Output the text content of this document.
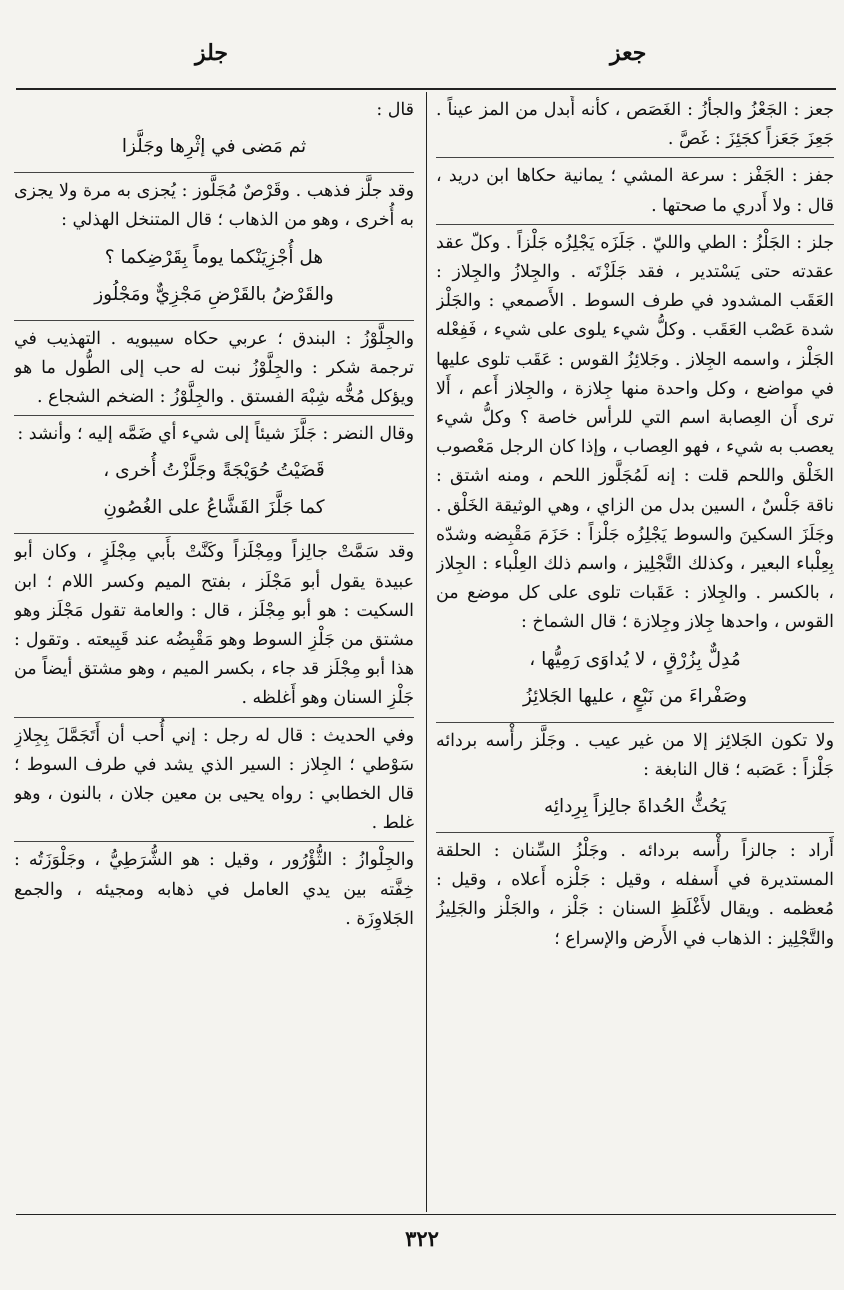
جلز	جعز

جعز : الجَعْزُ والجأْزُ : الغَصَص ، كأَنه أَبدل من المز عيناً . جَعِزَ جَعَزاً كجَئِزَ : غَصَّ .

جفز : الجَفْز : سرعة المشي ؛ يمانية حكاها ابن دريد ، قال : ولا أَدري ما صحتها .

جلز : الجَلْزُ : الطي والليّ . جَلَزَه يَجْلِزُه جَلْزاً . وكلّ عقد عقدته حتى يَسْتدير ، فقد جَلَزْتَه . والجِلازُ والجِلاز : العَقَب المشدود في طرف السوط . الأَصمعي : والجَلْز شدة عَصْب العَقَب . وكلُّ شيء يلوى على شيء ، فَفِعْله الجَلْز ، واسمه الجِلاز . وجَلائِزُ القوس : عَقَب تلوى عليها في مواضع ، وكل واحدة منها جِلازة ، والجِلاز أَعم ، أَلا ترى أَن العِصابة اسم التي للرأس خاصة ؟ وكلُّ شيء يعصب به شيء ، فهو العِصاب ، وإذا كان الرجل مَعْصوب الخَلْق واللحم قلت : إنه لَمُجَلَّوز اللحم ، ومنه اشتق : ناقة جَلْسٌ ، السين بدل من الزاي ، وهي الوثيقة الخَلْق . وجَلَزَ السكينَ والسوط يَجْلِزُه جَلْزاً : حَزَمَ مَقْبِضه وشدّه بِعِلْباء البعير ، وكذلك التَّجْلِيز ، واسم ذلك العِلْباء : الجِلاز ، بالكسر . والجِلاز : عَقَبات تلوى على كل موضع من القوس ، واحدها جِلاز وجِلازة ؛ قال الشماخ :

مُدِلٌّ بِزُرْقٍ ، لا يُداوَى رَمِيُّها ،

وصَفْراءَ من نَبْعٍ ، عليها الجَلائِزُ

ولا تكون الجَلائِز إلا من غير عيب . وجَلَّز رأْسه بردائه جَلْزاً : عَصَبه ؛ قال النابغة :

يَحُثُّ الحُداةَ جالِزاً بِرِدائِه

أَراد : جالزاً رأْسه بردائه . وجَلْزُ السِّنان : الحلقة المستديرة في أَسفله ، وقيل : جَلْزه أَعلاه ، وقيل : مُعظمه . ويقال لأَغْلَظِ السنان : جَلْز ، والجَلْز والجَلِيزُ والتَّجْلِيز : الذهاب في الأَرض والإسراع ؛

قال :

ثم مَضى في إثْرِها وجَلَّزا

وقد جلَّز فذهب . وقَرْصٌ مُجَلَّوز : يُجزى به مرة ولا يجزى به أُخرى ، وهو من الذهاب ؛ قال المتنخل الهذلي :

هل أُجْزِيَنْكما يوماً بِقَرْضِكما ؟

والقَرْضُ بالقَرْضِ مَجْزِيٌّ ومَجْلُوز

والجِلَّوْزُ : البندق ؛ عربي حكاه سيبويه . التهذيب في ترجمة شكر : والجِلَّوْزُ نبت له حب إلى الطُّول ما هو ويؤكل مُخُّه شِبْهَ الفستق . والجِلَّوْزُ : الضخم الشجاع .

وقال النضر : جَلَّزَ شيئاً إلى شيء أي ضَمَّه إليه ؛ وأنشد :

قَضَيْتُ حُوَيْجَةً وجَلَّزْتُ أُخرى ،

كما جَلَّزَ القَشَّاعُ على الغُصُونِ

وقد سَمَّتْ جالِزاً ومِجْلَزاً وكَنَّتْ بأَبي مِجْلَزٍ ، وكان أبو عبيدة يقول أبو مَجْلَز ، بفتح الميم وكسر اللام ؛ ابن السكيت : هو أبو مِجْلَز ، قال : والعامة تقول مَجْلَز وهو مشتق من جَلْزِ السوط وهو مَقْبِضُه عند قَبِيعته . وتقول : هذا أبو مِجْلَز قد جاء ، بكسر الميم ، وهو مشتق أيضاً من جَلْزِ السنان وهو أَغلظه .

وفي الحديث : قال له رجل : إني أُحب أن أَتَجَمَّلَ بِجِلازِ سَوْطي ؛ الجِلاز : السير الذي يشد في طرف السوط ؛ قال الخطابي : رواه يحيى بن معين جلان ، بالنون ، وهو غلط .

والجِلْوازُ : الثُّؤْرُور ، وقيل : هو الشُّرَطِيُّ ، وجَلْوَزَتُه : خِفَّته بين يدي العامل في ذهابه ومجيئه ، والجمع الجَلاوِزَة .

٣٢٢
